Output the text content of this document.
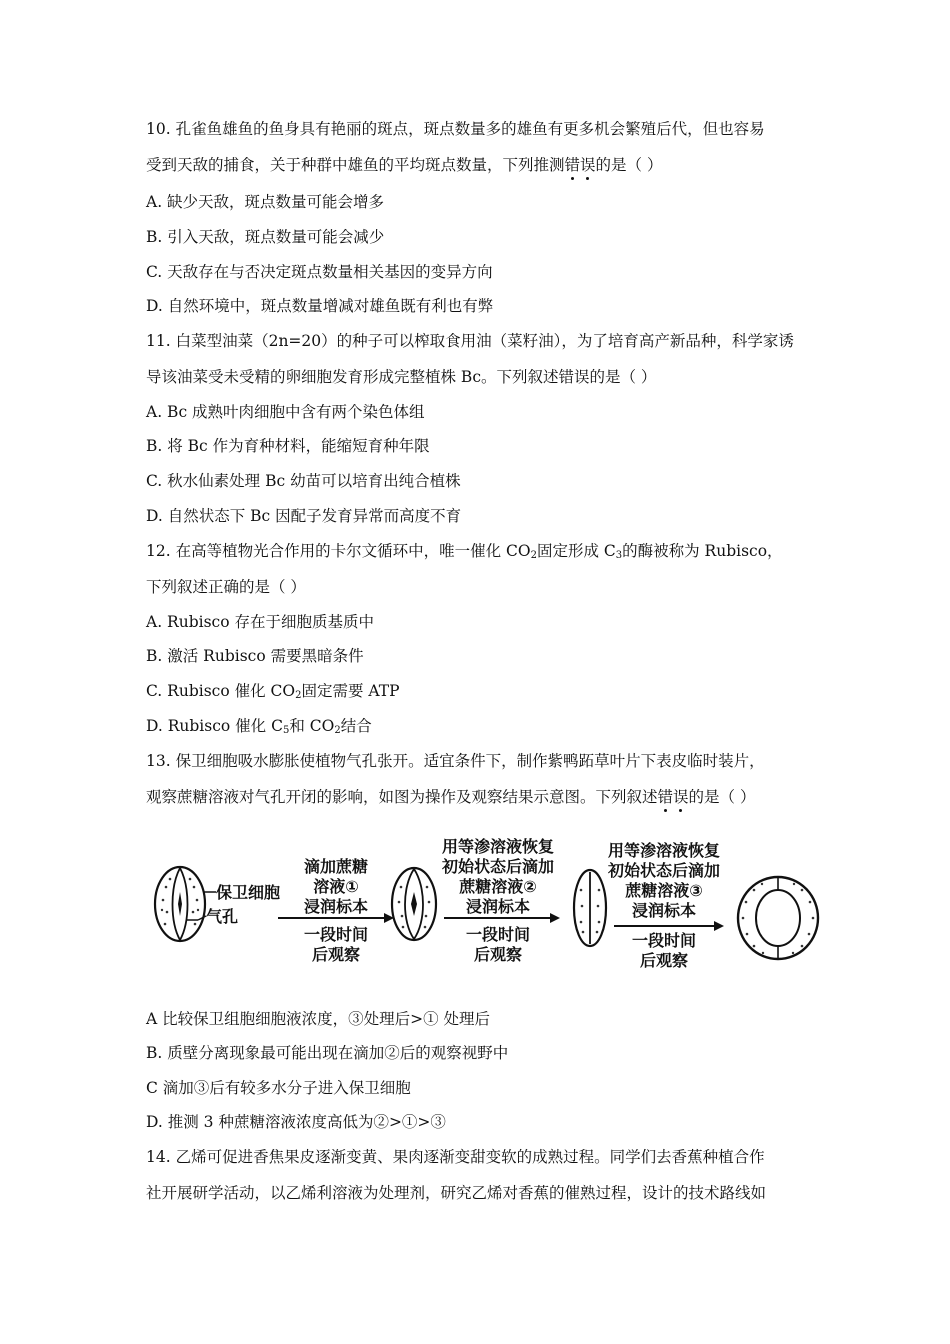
10. 孔雀鱼雄鱼的鱼身具有艳丽的斑点，斑点数量多的雄鱼有更多机会繁殖后代，但也容易
受到天敌的捕食，关于种群中雄鱼的平均斑点数量，下列推测错误的是（ ）
A. 缺少天敌，斑点数量可能会增多
B. 引入天敌，斑点数量可能会减少
C. 天敌存在与否决定斑点数量相关基因的变异方向
D. 自然环境中，斑点数量增减对雄鱼既有利也有弊
11. 白菜型油菜（2n=20）的种子可以榨取食用油（菜籽油），为了培育高产新品种，科学家诱
导该油菜受未受精的卵细胞发育形成完整植株 Bc。下列叙述错误的是（ ）
A. Bc 成熟叶肉细胞中含有两个染色体组
B. 将 Bc 作为育种材料，能缩短育种年限
C. 秋水仙素处理 Bc 幼苗可以培育出纯合植株
D. 自然状态下 Bc 因配子发育异常而高度不育
12. 在高等植物光合作用的卡尔文循环中，唯一催化 $CO_2$固定形成 $C_3$的酶被称为 Rubisco，
下列叙述正确的是（ ）
A. Rubisco 存在于细胞质基质中
B. 激活 Rubisco 需要黑暗条件
C. Rubisco 催化 $CO_2$固定需要 ATP
D. Rubisco 催化 $C_5$和 $CO_2$结合
13. 保卫细胞吸水膨胀使植物气孔张开。适宜条件下，制作紫鸭跖草叶片下表皮临时装片，
观察蔗糖溶液对气孔开闭的影响，如图为操作及观察结果示意图。下列叙述错误的是（ ）
保卫细胞
气孔
滴加蔗糖
溶液①
浸润标本
一段时间
后观察
用等渗溶液恢复
初始状态后滴加
蔗糖溶液②
浸润标本
一段时间
后观察
用等渗溶液恢复
初始状态后滴加
蔗糖溶液③
浸润标本
一段时间
后观察
A 比较保卫组胞细胞液浓度，③处理后>① 处理后
B. 质壁分离现象最可能出现在滴加②后的观察视野中
C 滴加③后有较多水分子进入保卫细胞
D. 推测 3 种蔗糖溶液浓度高低为②>①>③
14. 乙烯可促进香焦果皮逐渐变黄、果肉逐渐变甜变软的成熟过程。同学们去香蕉种植合作
社开展研学活动，以乙烯利溶液为处理剂，研究乙烯对香蕉的催熟过程，设计的技术路线如
